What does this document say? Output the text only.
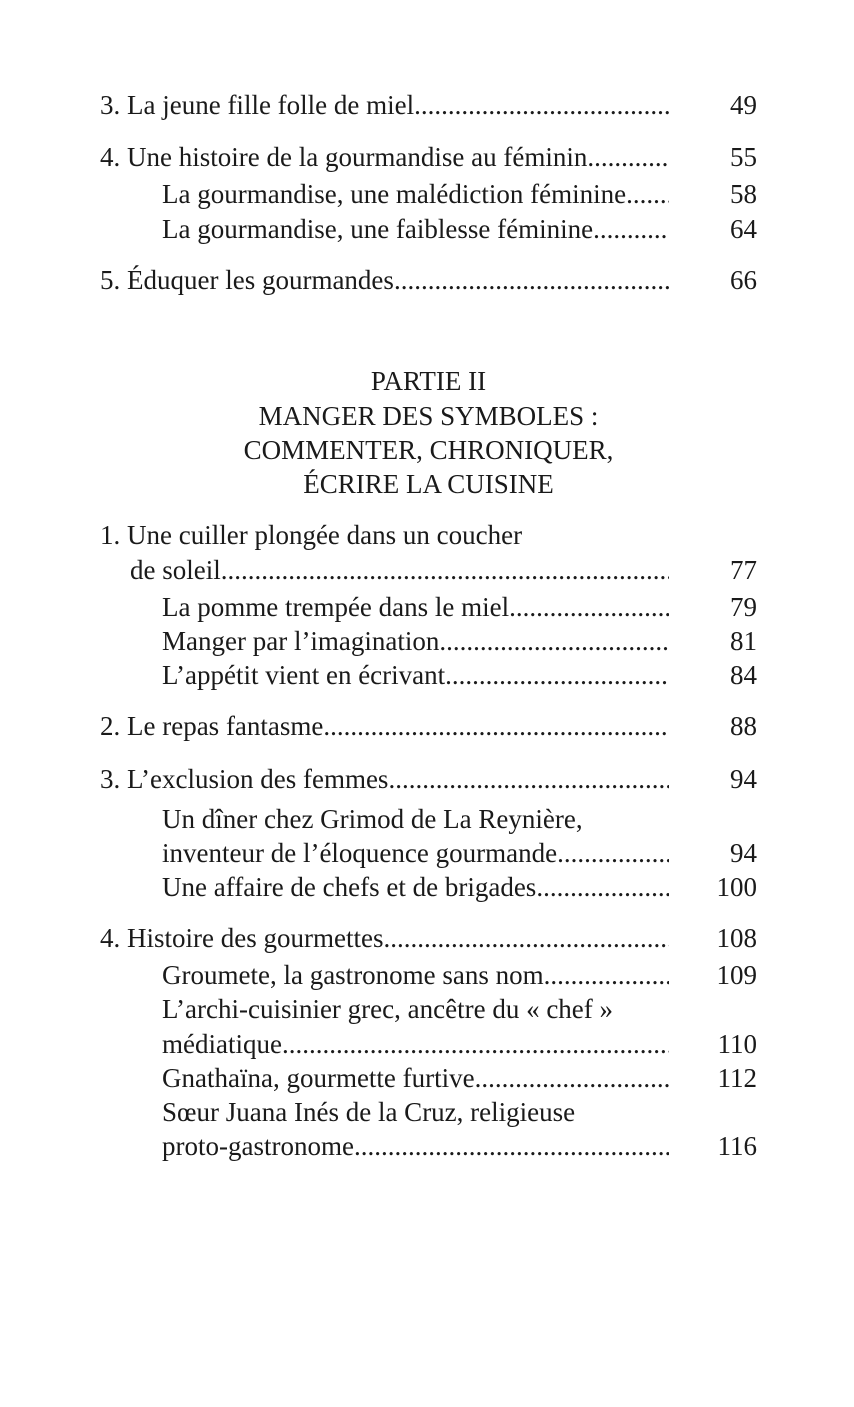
3. La jeune fille folle de miel .....	49
4. Une histoire de la gourmandise au féminin .....	55
La gourmandise, une malédiction féminine .....	58
La gourmandise, une faiblesse féminine .....	64
5. Éduquer les gourmandes .....	66
PARTIE II
MANGER DES SYMBOLES :
COMMENTER, CHRONIQUER,
ÉCRIRE LA CUISINE
1. Une cuiller plongée dans un coucher
de soleil .....	77
La pomme trempée dans le miel .....	79
Manger par l’imagination .....	81
L’appétit vient en écrivant .....	84
2. Le repas fantasme .....	88
3. L’exclusion des femmes .....	94
Un dîner chez Grimod de La Reynière,
inventeur de l’éloquence gourmande .....	94
Une affaire de chefs et de brigades .....	100
4. Histoire des gourmettes .....	108
Groumete, la gastronome sans nom .....	109
L’archi-cuisinier grec, ancêtre du « chef »
médiatique .....	110
Gnathaïna, gourmette furtive .....	112
Sœur Juana Inés de la Cruz, religieuse
proto-gastronome .....	116
